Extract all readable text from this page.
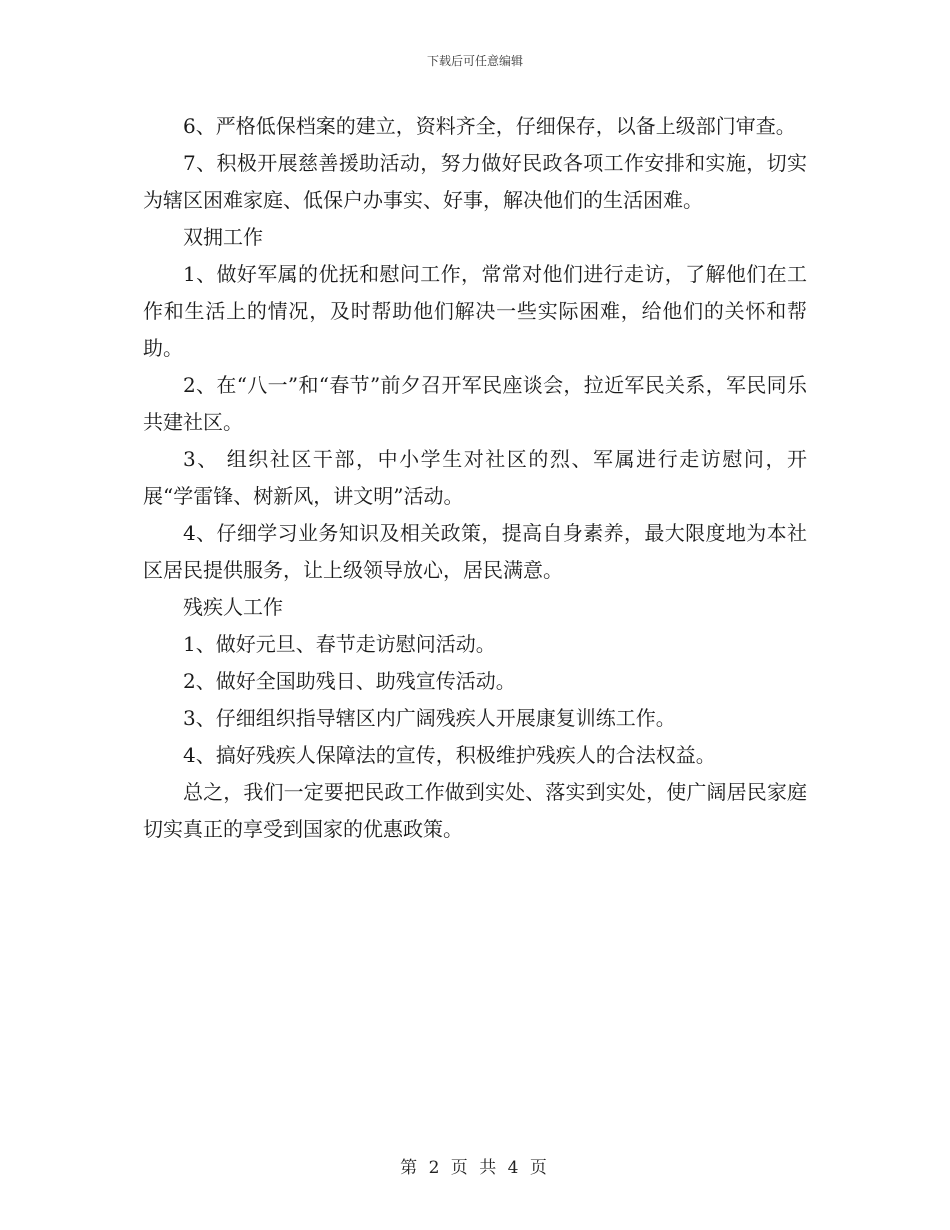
下载后可任意编辑

6、严格低保档案的建立，资料齐全，仔细保存，以备上级部门审查。

7、积极开展慈善援助活动，努力做好民政各项工作安排和实施，切实为辖区困难家庭、低保户办事实、好事，解决他们的生活困难。

双拥工作

1、做好军属的优抚和慰问工作，常常对他们进行走访，了解他们在工作和生活上的情况，及时帮助他们解决一些实际困难，给他们的关怀和帮助。

2、在“八一”和“春节”前夕召开军民座谈会，拉近军民关系，军民同乐共建社区。

3、 组织社区干部，中小学生对社区的烈、军属进行走访慰问，开展“学雷锋、树新风，讲文明”活动。

4、仔细学习业务知识及相关政策，提高自身素养，最大限度地为本社区居民提供服务，让上级领导放心，居民满意。

残疾人工作

1、做好元旦、春节走访慰问活动。

2、做好全国助残日、助残宣传活动。

3、仔细组织指导辖区内广阔残疾人开展康复训练工作。

4、搞好残疾人保障法的宣传，积极维护残疾人的合法权益。

总之，我们一定要把民政工作做到实处、落实到实处，使广阔居民家庭切实真正的享受到国家的优惠政策。

第 2 页 共 4 页
